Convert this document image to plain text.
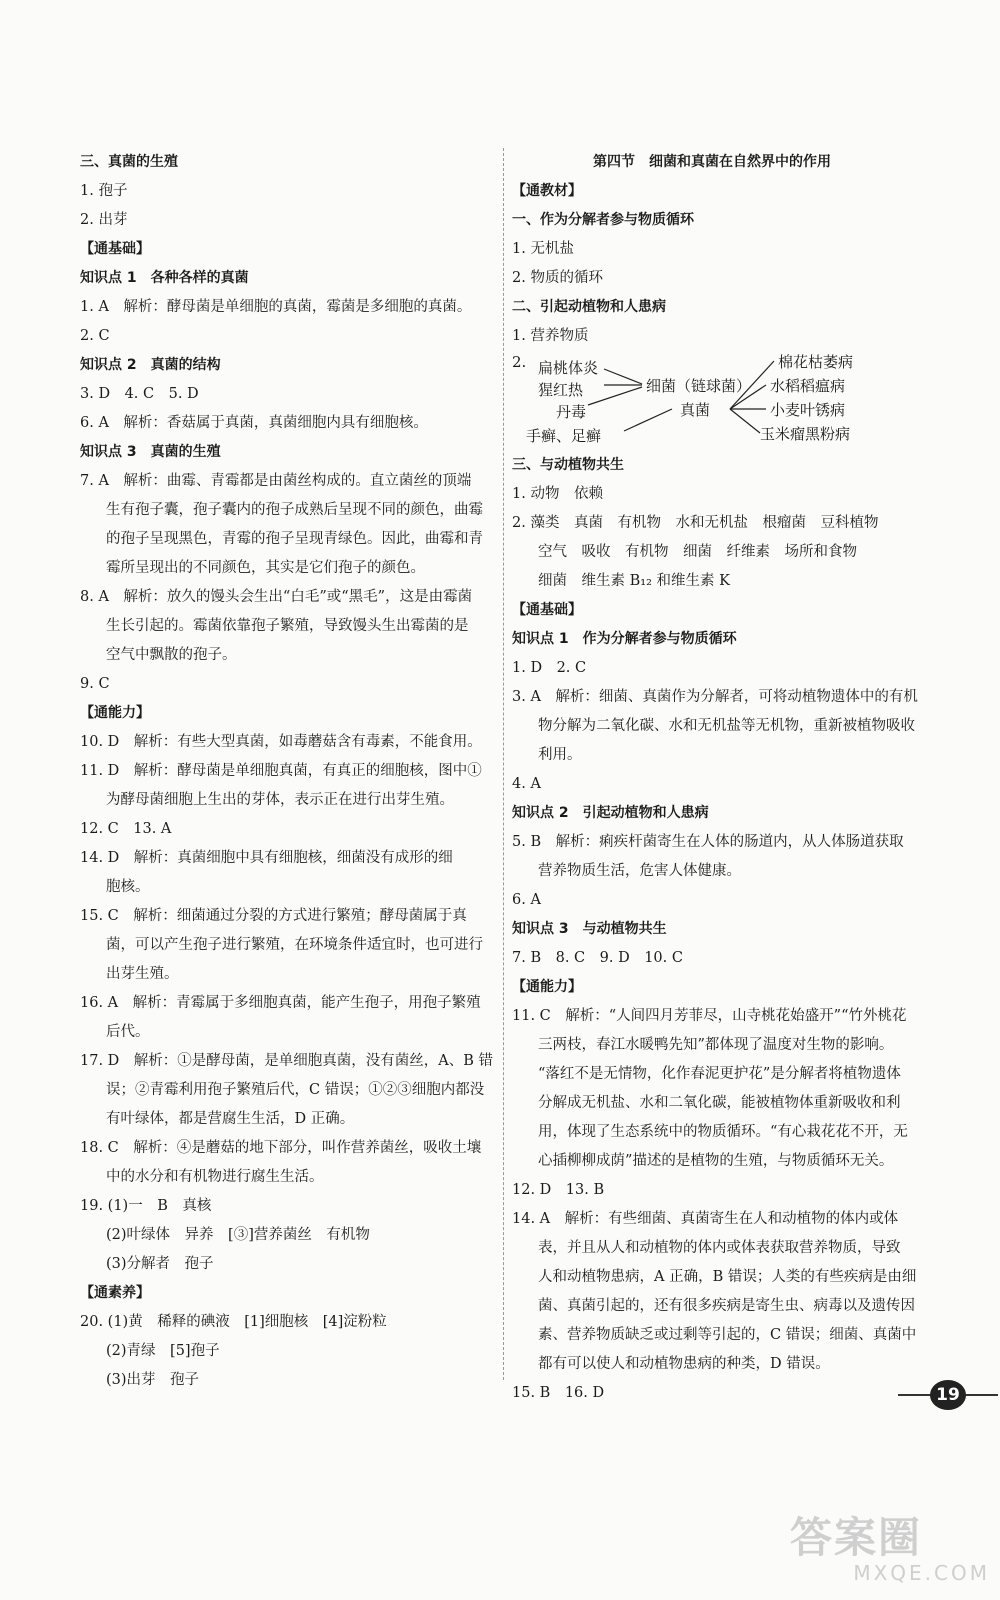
三、真菌的生殖
1. 孢子
2. 出芽
【通基础】
知识点 1　各种各样的真菌
1. A　解析：酵母菌是单细胞的真菌，霉菌是多细胞的真菌。
2. C
知识点 2　真菌的结构
3. D　4. C　5. D
6. A　解析：香菇属于真菌，真菌细胞内具有细胞核。
知识点 3　真菌的生殖
7. A　解析：曲霉、青霉都是由菌丝构成的。直立菌丝的顶端
生有孢子囊，孢子囊内的孢子成熟后呈现不同的颜色，曲霉
的孢子呈现黑色，青霉的孢子呈现青绿色。因此，曲霉和青
霉所呈现出的不同颜色，其实是它们孢子的颜色。
8. A　解析：放久的馒头会生出“白毛”或“黑毛”，这是由霉菌
生长引起的。霉菌依靠孢子繁殖，导致馒头生出霉菌的是
空气中飘散的孢子。
9. C
【通能力】
10. D　解析：有些大型真菌，如毒蘑菇含有毒素，不能食用。
11. D　解析：酵母菌是单细胞真菌，有真正的细胞核，图中①
为酵母菌细胞上生出的芽体，表示正在进行出芽生殖。
12. C　13. A
14. D　解析：真菌细胞中具有细胞核，细菌没有成形的细
胞核。
15. C　解析：细菌通过分裂的方式进行繁殖；酵母菌属于真
菌，可以产生孢子进行繁殖，在环境条件适宜时，也可进行
出芽生殖。
16. A　解析：青霉属于多细胞真菌，能产生孢子，用孢子繁殖
后代。
17. D　解析：①是酵母菌，是单细胞真菌，没有菌丝，A、B 错
误；②青霉利用孢子繁殖后代，C 错误；①②③细胞内都没
有叶绿体，都是营腐生生活，D 正确。
18. C　解析：④是蘑菇的地下部分，叫作营养菌丝，吸收土壤
中的水分和有机物进行腐生生活。
19. (1)一　B　真核
(2)叶绿体　异养　[③]营养菌丝　有机物
(3)分解者　孢子
【通素养】
20. (1)黄　稀释的碘液　[1]细胞核　[4]淀粉粒
(2)青绿　[5]孢子
(3)出芽　孢子
第四节　细菌和真菌在自然界中的作用
【通教材】
一、作为分解者参与物质循环
1. 无机盐
2. 物质的循环
二、引起动植物和人患病
1. 营养物质
2. 扁桃体炎
猩红热
丹毒
手癣、足癣
细菌（链球菌）
真菌
棉花枯萎病
水稻稻瘟病
小麦叶锈病
玉米瘤黑粉病
三、与动植物共生
1. 动物　依赖
2. 藻类　真菌　有机物　水和无机盐　根瘤菌　豆科植物
空气　吸收　有机物　细菌　纤维素　场所和食物
细菌　维生素 B₁₂ 和维生素 K
【通基础】
知识点 1　作为分解者参与物质循环
1. D　2. C
3. A　解析：细菌、真菌作为分解者，可将动植物遗体中的有机
物分解为二氧化碳、水和无机盐等无机物，重新被植物吸收
利用。
4. A
知识点 2　引起动植物和人患病
5. B　解析：痢疾杆菌寄生在人体的肠道内，从人体肠道获取
营养物质生活，危害人体健康。
6. A
知识点 3　与动植物共生
7. B　8. C　9. D　10. C
【通能力】
11. C　解析：“人间四月芳菲尽，山寺桃花始盛开”“竹外桃花
三两枝，春江水暖鸭先知”都体现了温度对生物的影响。
“落红不是无情物，化作春泥更护花”是分解者将植物遗体
分解成无机盐、水和二氧化碳，能被植物体重新吸收和利
用，体现了生态系统中的物质循环。“有心栽花花不开，无
心插柳柳成荫”描述的是植物的生殖，与物质循环无关。
12. D　13. B
14. A　解析：有些细菌、真菌寄生在人和动植物的体内或体
表，并且从人和动植物的体内或体表获取营养物质，导致
人和动植物患病，A 正确，B 错误；人类的有些疾病是由细
菌、真菌引起的，还有很多疾病是寄生虫、病毒以及遗传因
素、营养物质缺乏或过剩等引起的，C 错误；细菌、真菌中
都有可以使人和动植物患病的种类，D 错误。
15. B　16. D	19
答案圈
MXQE.COM
